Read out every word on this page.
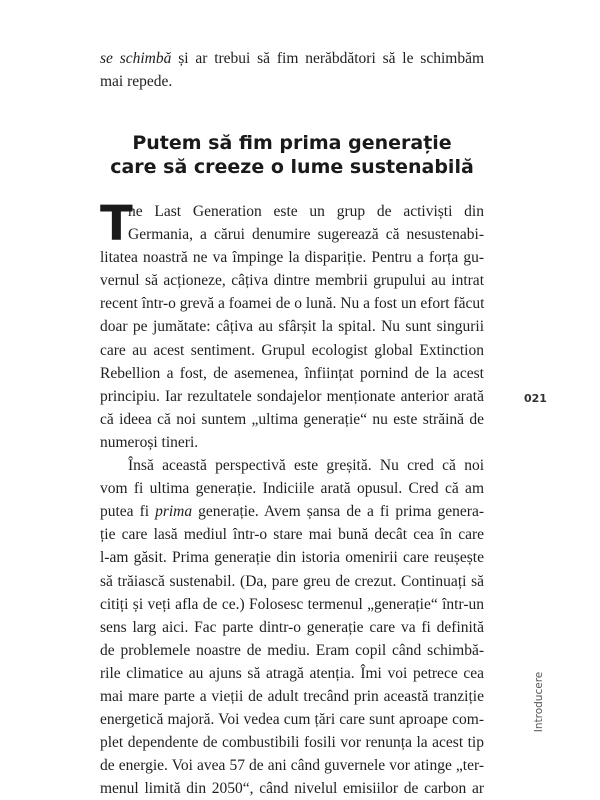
se schimbă și ar trebui să fim nerăbdători să le schimbăm
mai repede.
Putem să fim prima generație
care să creeze o lume sustenabilă
T
he Last Generation este un grup de activiști din
Germania, a cărui denumire sugerează că nesustenabi-
litatea noastră ne va împinge la dispariție. Pentru a forța gu-
vernul să acționeze, câțiva dintre membrii grupului au intrat
recent într-o grevă a foamei de o lună. Nu a fost un efort făcut
doar pe jumătate: câțiva au sfârșit la spital. Nu sunt singurii
care au acest sentiment. Grupul ecologist global Extinction
Rebellion a fost, de asemenea, înființat pornind de la acest
principiu. Iar rezultatele sondajelor menționate anterior arată
că ideea că noi suntem „ultima generație“ nu este străină de
numeroși tineri.
Însă această perspectivă este greșită. Nu cred că noi
vom fi ultima generație. Indiciile arată opusul. Cred că am
putea fi prima generație. Avem șansa de a fi prima genera-
ție care lasă mediul într-o stare mai bună decât cea în care
l-am găsit. Prima generație din istoria omenirii care reușește
să trăiască sustenabil. (Da, pare greu de crezut. Continuați să
citiți și veți afla de ce.) Folosesc termenul „generație“ într-un
sens larg aici. Fac parte dintr-o generație care va fi definită
de problemele noastre de mediu. Eram copil când schimbă-
rile climatice au ajuns să atragă atenția. Îmi voi petrece cea
mai mare parte a vieții de adult trecând prin această tranziție
energetică majoră. Voi vedea cum țări care sunt aproape com-
plet dependente de combustibili fosili vor renunța la acest tip
de energie. Voi avea 57 de ani când guvernele vor atinge „ter-
menul limită din 2050“, când nivelul emisiilor de carbon ar
021
Introducere
